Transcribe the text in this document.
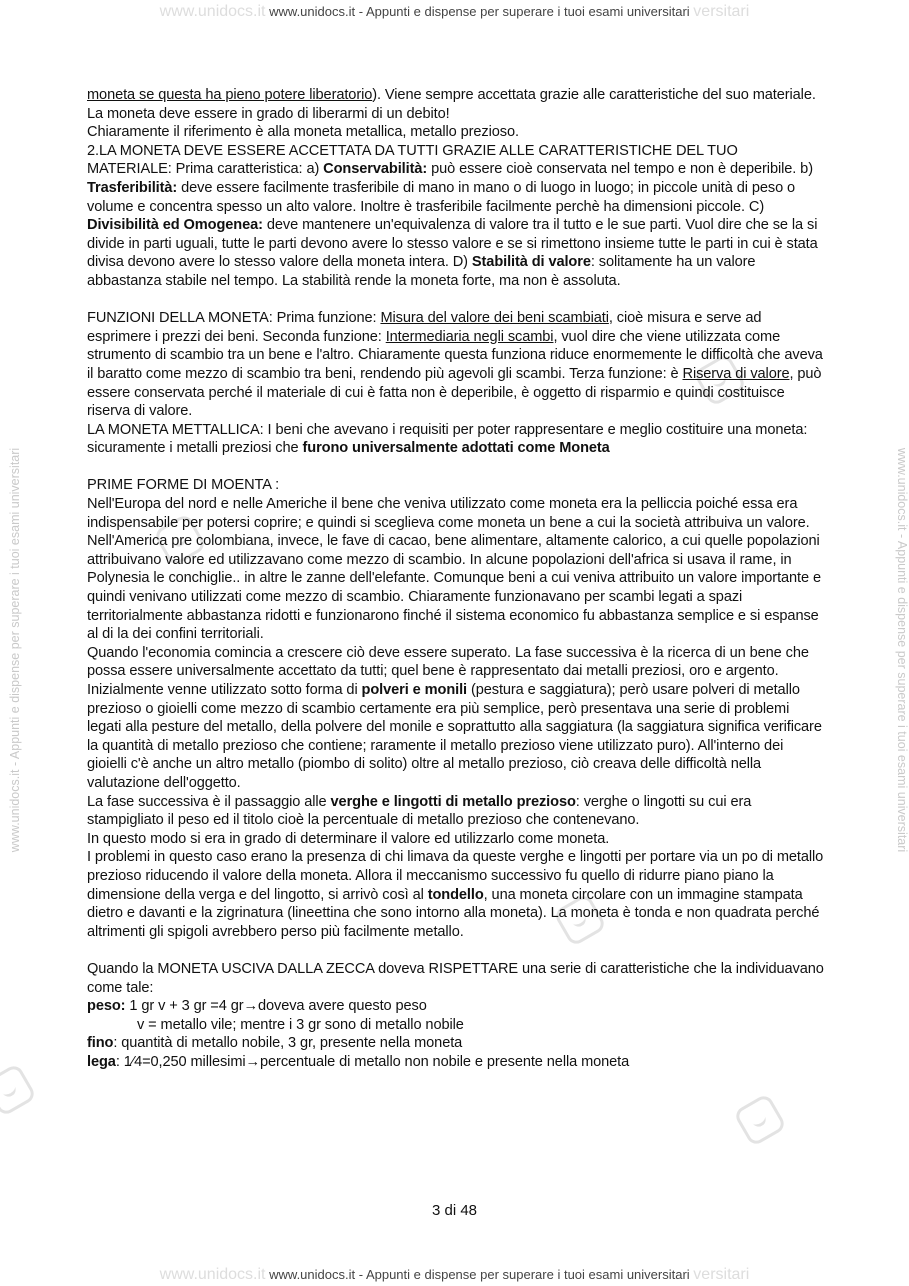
www.unidocs.it www.unidocs.it - Appunti e dispense per superare i tuoi esami universitari versitari
www.unidocs.it - Appunti e dispense per superare i tuoi esami universitari	www.unidocs.it - Appunti e dispense per superare i tuoi esami universitari

moneta se questa ha pieno potere liberatorio). Viene sempre accettata grazie alle caratteristiche del suo materiale. La moneta deve essere in grado di liberarmi di un debito!

Chiaramente il riferimento è alla moneta metallica, metallo prezioso.

2.LA MONETA DEVE ESSERE ACCETTATA DA TUTTI GRAZIE ALLE CARATTERISTICHE DEL TUO MATERIALE: Prima caratteristica: a) Conservabilità: può essere cioè conservata nel tempo e non è deperibile. b) Trasferibilità: deve essere facilmente trasferibile di mano in mano o di luogo in luogo; in piccole unità di peso o volume e concentra spesso un alto valore. Inoltre è trasferibile facilmente perchè ha dimensioni piccole. C) Divisibilità ed Omogenea: deve mantenere un'equivalenza di valore tra il tutto e le sue parti. Vuol dire che se la si divide in parti uguali, tutte le parti devono avere lo stesso valore e se si rimettono insieme tutte le parti in cui è stata divisa devono avere lo stesso valore della moneta intera. D) Stabilità di valore: solitamente ha un valore abbastanza stabile nel tempo. La stabilità rende la moneta forte, ma non è assoluta.

FUNZIONI DELLA MONETA: Prima funzione: Misura del valore dei beni scambiati, cioè misura e serve ad esprimere i prezzi dei beni. Seconda funzione: Intermediaria negli scambi, vuol dire che viene utilizzata come strumento di scambio tra un bene e l'altro. Chiaramente questa funziona riduce enormemente le difficoltà che aveva il baratto come mezzo di scambio tra beni, rendendo più agevoli gli scambi. Terza funzione: è Riserva di valore, può essere conservata perché il materiale di cui è fatta non è deperibile, è oggetto di risparmio e quindi costituisce riserva di valore.

LA MONETA METTALLICA: I beni che avevano i requisiti per poter rappresentare e meglio costituire una moneta: sicuramente i metalli preziosi che furono universalmente adottati come Moneta

PRIME FORME DI MOENTA :

Nell'Europa del nord e nelle Americhe il bene che veniva utilizzato come moneta era la pelliccia poiché essa era indispensabile per potersi coprire; e quindi si sceglieva come moneta un bene a cui la società attribuiva un valore. Nell'America pre colombiana, invece, le fave di cacao, bene alimentare, altamente calorico, a cui quelle popolazioni attribuivano valore ed utilizzavano come mezzo di scambio. In alcune popolazioni dell'africa si usava il rame, in Polynesia le conchiglie.. in altre le zanne dell'elefante. Comunque beni a cui veniva attribuito un valore importante e quindi venivano utilizzati come mezzo di scambio. Chiaramente funzionavano per scambi legati a spazi territorialmente abbastanza ridotti e funzionarono finché il sistema economico fu abbastanza semplice e si espanse al di la dei confini territoriali.

Quando l'economia comincia a crescere ciò deve essere superato. La fase successiva è la ricerca di un bene che possa essere universalmente accettato da tutti; quel bene è rappresentato dai metalli preziosi, oro e argento. Inizialmente venne utilizzato sotto forma di polveri e monili (pestura e saggiatura); però usare polveri di metallo prezioso o gioielli come mezzo di scambio certamente era più semplice, però presentava una serie di problemi legati alla pesture del metallo, della polvere del monile e soprattutto alla saggiatura (la saggiatura significa verificare la quantità di metallo prezioso che contiene; raramente il metallo prezioso viene utilizzato puro). All'interno dei gioielli c'è anche un altro metallo (piombo di solito) oltre al metallo prezioso, ciò creava delle difficoltà nella valutazione dell'oggetto.

La fase successiva è il passaggio alle verghe e lingotti di metallo prezioso: verghe o lingotti su cui era stampigliato il peso ed il titolo cioè la percentuale di metallo prezioso che contenevano.

In questo modo si era in grado di determinare il valore ed utilizzarlo come moneta.

I problemi in questo caso erano la presenza di chi limava da queste verghe e lingotti per portare via un po di metallo prezioso riducendo il valore della moneta. Allora il meccanismo successivo fu quello di ridurre piano piano la dimensione della verga e del lingotto, si arrivò così al tondello, una moneta circolare con un immagine stampata dietro e davanti e la zigrinatura (lineettina che sono intorno alla moneta). La moneta è tonda e non quadrata perché altrimenti gli spigoli avrebbero perso più facilmente metallo.

Quando la MONETA USCIVA DALLA ZECCA doveva RISPETTARE una serie di caratteristiche che la individuavano come tale:

peso: 1 gr v + 3 gr =4 gr→doveva avere questo peso

v = metallo vile; mentre i 3 gr sono di metallo nobile

fino: quantità di metallo nobile, 3 gr, presente nella moneta

lega: 1⁄4=0,250 millesimi→percentuale di metallo non nobile e presente nella moneta

3 di 48
www.unidocs.it www.unidocs.it - Appunti e dispense per superare i tuoi esami universitari versitari
